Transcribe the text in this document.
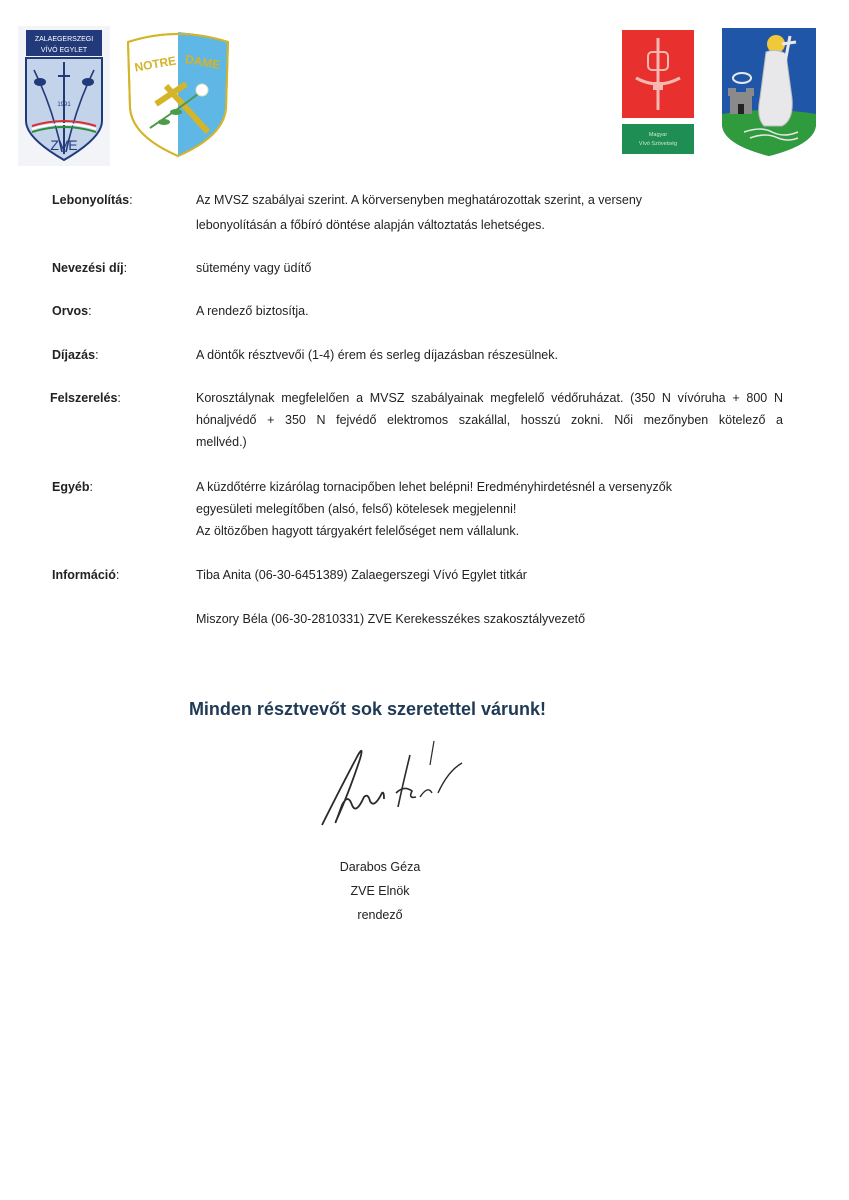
ZALAEGERSZEGI
VÍVÓ EGYLET
1991
ZVE
NOTRE DAME
Magyar
Vívó Szövetség
Lebonyolítás:	Az MVSZ szabályai szerint. A körversenyben meghatározottak szerint, a verseny
lebonyolításán a főbíró döntése alapján változtatás lehetséges.
Nevezési díj:	sütemény vagy üdítő
Orvos:	A rendező biztosítja.
Díjazás:	A döntők résztvevői (1-4) érem és serleg díjazásban részesülnek.
Felszerelés:	Korosztálynak megfelelően a MVSZ szabályainak megfelelő védőruházat. (350 N vívóruha + 800 N
hónaljvédő + 350 N fejvédő elektromos szakállal, hosszú zokni. Női mezőnyben kötelező a
mellvéd.)
Egyéb:	A küzdőtérre kizárólag tornacipőben lehet belépni! Eredményhirdetésnél a versenyzők
egyesületi melegítőben (alsó, felső) kötelesek megjelenni!
Az öltözőben hagyott tárgyakért felelőséget nem vállalunk.
Információ:	Tiba Anita (06-30-6451389) Zalaegerszegi Vívó Egylet titkár
Miszory Béla (06-30-2810331) ZVE Kerekesszékes szakosztályvezető
Minden résztvevőt sok szeretettel várunk!
Darabos Géza
ZVE Elnök
rendező
